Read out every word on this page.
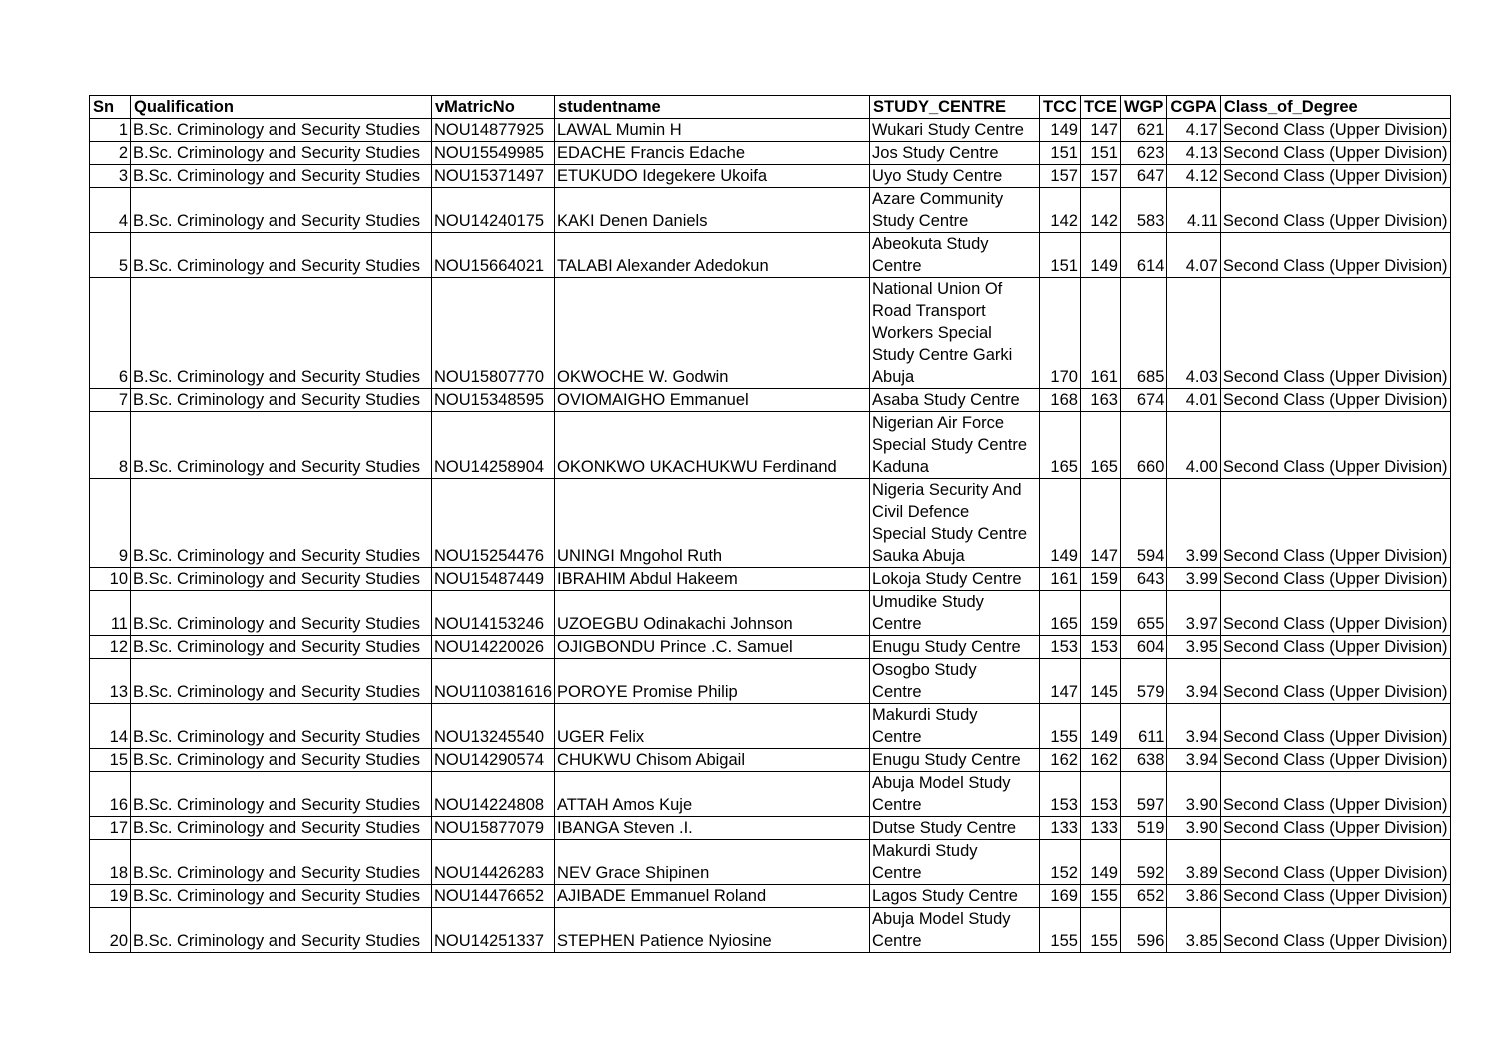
Sn	Qualification	vMatricNo	studentname	STUDY_CENTRE	TCC	TCE	WGP	CGPA	Class_of_Degree
1	B.Sc. Criminology and Security Studies	NOU14877925	LAWAL Mumin H	Wukari Study Centre	149	147	621	4.17	Second Class (Upper Division)
2	B.Sc. Criminology and Security Studies	NOU15549985	EDACHE Francis Edache	Jos Study Centre	151	151	623	4.13	Second Class (Upper Division)
3	B.Sc. Criminology and Security Studies	NOU15371497	ETUKUDO Idegekere Ukoifa	Uyo Study Centre	157	157	647	4.12	Second Class (Upper Division)
4	B.Sc. Criminology and Security Studies	NOU14240175	KAKI Denen Daniels	Azare Community
Study Centre	142	142	583	4.11	Second Class (Upper Division)
5	B.Sc. Criminology and Security Studies	NOU15664021	TALABI Alexander Adedokun	Abeokuta Study
Centre	151	149	614	4.07	Second Class (Upper Division)
6	B.Sc. Criminology and Security Studies	NOU15807770	OKWOCHE W. Godwin	National Union Of
Road Transport
Workers Special
Study Centre Garki
Abuja	170	161	685	4.03	Second Class (Upper Division)
7	B.Sc. Criminology and Security Studies	NOU15348595	OVIOMAIGHO Emmanuel	Asaba Study Centre	168	163	674	4.01	Second Class (Upper Division)
8	B.Sc. Criminology and Security Studies	NOU14258904	OKONKWO UKACHUKWU Ferdinand	Nigerian Air Force
Special Study Centre
Kaduna	165	165	660	4.00	Second Class (Upper Division)
9	B.Sc. Criminology and Security Studies	NOU15254476	UNINGI Mngohol Ruth	Nigeria Security And
Civil Defence
Special Study Centre
Sauka Abuja	149	147	594	3.99	Second Class (Upper Division)
10	B.Sc. Criminology and Security Studies	NOU15487449	IBRAHIM Abdul Hakeem	Lokoja Study Centre	161	159	643	3.99	Second Class (Upper Division)
11	B.Sc. Criminology and Security Studies	NOU14153246	UZOEGBU Odinakachi Johnson	Umudike Study
Centre	165	159	655	3.97	Second Class (Upper Division)
12	B.Sc. Criminology and Security Studies	NOU14220026	OJIGBONDU Prince .C. Samuel	Enugu Study Centre	153	153	604	3.95	Second Class (Upper Division)
13	B.Sc. Criminology and Security Studies	NOU110381616	POROYE Promise Philip	Osogbo Study
Centre	147	145	579	3.94	Second Class (Upper Division)
14	B.Sc. Criminology and Security Studies	NOU13245540	UGER Felix	Makurdi Study
Centre	155	149	611	3.94	Second Class (Upper Division)
15	B.Sc. Criminology and Security Studies	NOU14290574	CHUKWU Chisom Abigail	Enugu Study Centre	162	162	638	3.94	Second Class (Upper Division)
16	B.Sc. Criminology and Security Studies	NOU14224808	ATTAH Amos Kuje	Abuja Model Study
Centre	153	153	597	3.90	Second Class (Upper Division)
17	B.Sc. Criminology and Security Studies	NOU15877079	IBANGA Steven .I.	Dutse Study Centre	133	133	519	3.90	Second Class (Upper Division)
18	B.Sc. Criminology and Security Studies	NOU14426283	NEV Grace Shipinen	Makurdi Study
Centre	152	149	592	3.89	Second Class (Upper Division)
19	B.Sc. Criminology and Security Studies	NOU14476652	AJIBADE Emmanuel Roland	Lagos Study Centre	169	155	652	3.86	Second Class (Upper Division)
20	B.Sc. Criminology and Security Studies	NOU14251337	STEPHEN Patience Nyiosine	Abuja Model Study
Centre	155	155	596	3.85	Second Class (Upper Division)
